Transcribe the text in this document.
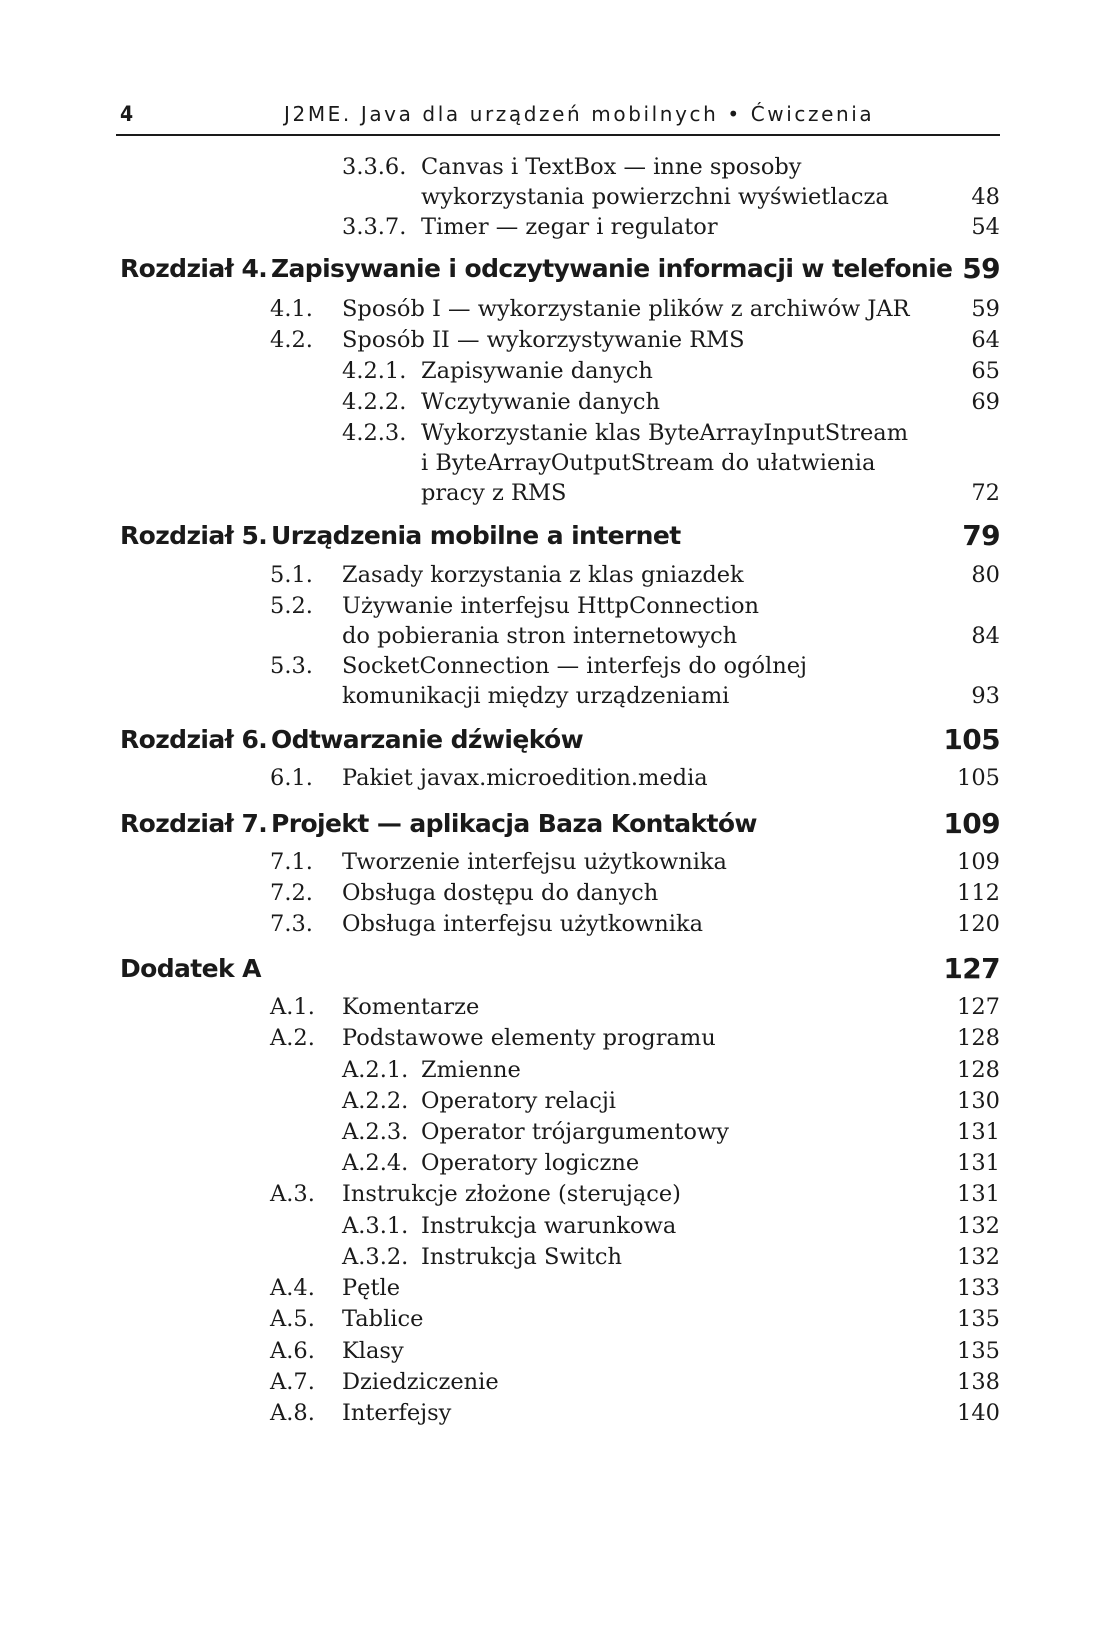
4	J2ME. Java dla urządzeń mobilnych • Ćwiczenia
3.3.6. Canvas i TextBox — inne sposoby
wykorzystania powierzchni wyświetlacza	48
3.3.7. Timer — zegar i regulator	54
Rozdział 4. Zapisywanie i odczytywanie informacji w telefonie 59
4.1. Sposób I — wykorzystanie plików z archiwów JAR	59
4.2. Sposób II — wykorzystywanie RMS	64
4.2.1. Zapisywanie danych	65
4.2.2. Wczytywanie danych	69
4.2.3. Wykorzystanie klas ByteArrayInputStream
i ByteArrayOutputStream do ułatwienia
pracy z RMS	72
Rozdział 5. Urządzenia mobilne a internet	79
5.1. Zasady korzystania z klas gniazdek	80
5.2. Używanie interfejsu HttpConnection
do pobierania stron internetowych	84
5.3. SocketConnection — interfejs do ogólnej
komunikacji między urządzeniami	93
Rozdział 6. Odtwarzanie dźwięków	105
6.1. Pakiet javax.microedition.media	105
Rozdział 7. Projekt — aplikacja Baza Kontaktów	109
7.1. Tworzenie interfejsu użytkownika	109
7.2. Obsługa dostępu do danych	112
7.3. Obsługa interfejsu użytkownika	120
Dodatek A	127
A.1. Komentarze	127
A.2. Podstawowe elementy programu	128
A.2.1. Zmienne	128
A.2.2. Operatory relacji	130
A.2.3. Operator trójargumentowy	131
A.2.4. Operatory logiczne	131
A.3. Instrukcje złożone (sterujące)	131
A.3.1. Instrukcja warunkowa	132
A.3.2. Instrukcja Switch	132
A.4. Pętle	133
A.5. Tablice	135
A.6. Klasy	135
A.7. Dziedziczenie	138
A.8. Interfejsy	140
